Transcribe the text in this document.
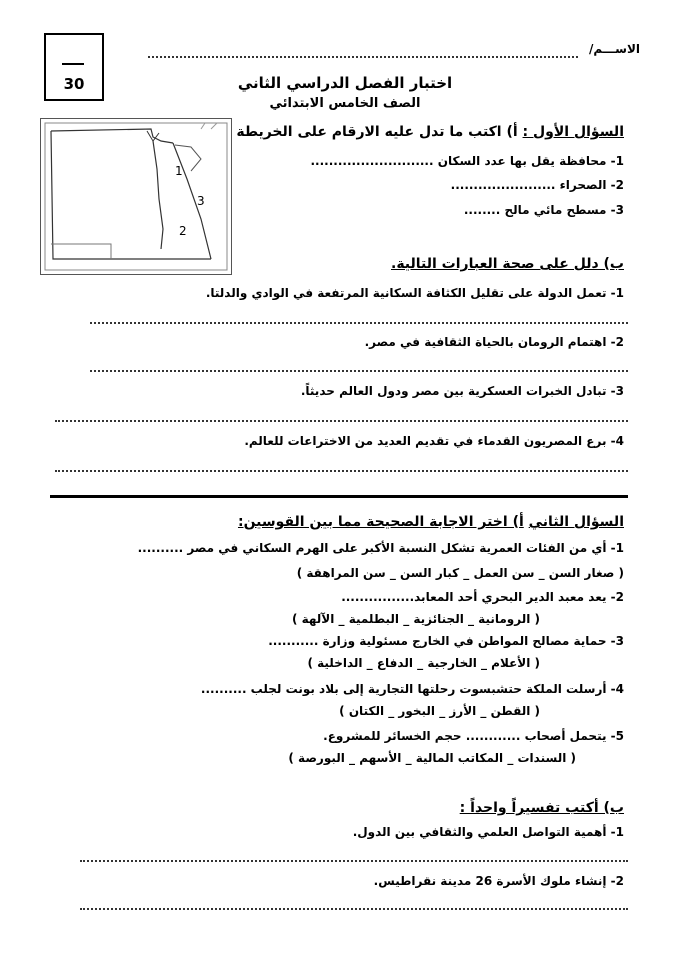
الاســـم/
30	اختبار الفصل الدراسي الثاني
الصف الخامس الابتدائي
1
3
2
السؤال الأول : أ) اكتب ما تدل عليه الارقام على الخريطة
1- محافظة يقل بها عدد السكان ...........................
2- الصحراء .......................
3- مسطح مائي مالح ........
ب) دلل على صحة العبارات التالية.
1- تعمل الدولة على تقليل الكثافة السكانية المرتفعة في الوادي والدلتا.
2- اهتمام الرومان بالحياة الثقافية في مصر.
3- تبادل الخبرات العسكرية بين مصر ودول العالم حديثاً.
4- برع المصريون القدماء في تقديم العديد من الاختراعات للعالم.
السؤال الثاني أ) اختر الاجابة الصحيحة مما بين القوسين:
1- أي من الفئات العمرية تشكل النسبة الأكبر على الهرم السكاني في مصر ..........
( صغار السن _ سن العمل _ كبار السن _ سن المراهقة )
2- يعد معبد الدير البحري أحد المعابد................
( الرومانية _ الجنائزية _ البطلمية _ الآلهة )
3- حماية مصالح المواطن في الخارج مسئولية وزارة ...........
( الأعلام _ الخارجية _ الدفاع _ الداخلية )
4- أرسلت الملكة حتشبسوت رحلتها التجارية إلى بلاد بونت لجلب ..........
( القطن _ الأرز _ البخور _ الكتان )
5- يتحمل أصحاب ............ حجم الخسائر للمشروع.
( السندات _ المكاتب المالية _ الأسهم _ البورصة )
ب) أكتب تفسيراً واحداً :
1- أهمية التواصل العلمي والثقافي بين الدول.
2- إنشاء ملوك الأسرة 26 مدينة نقراطيس.
